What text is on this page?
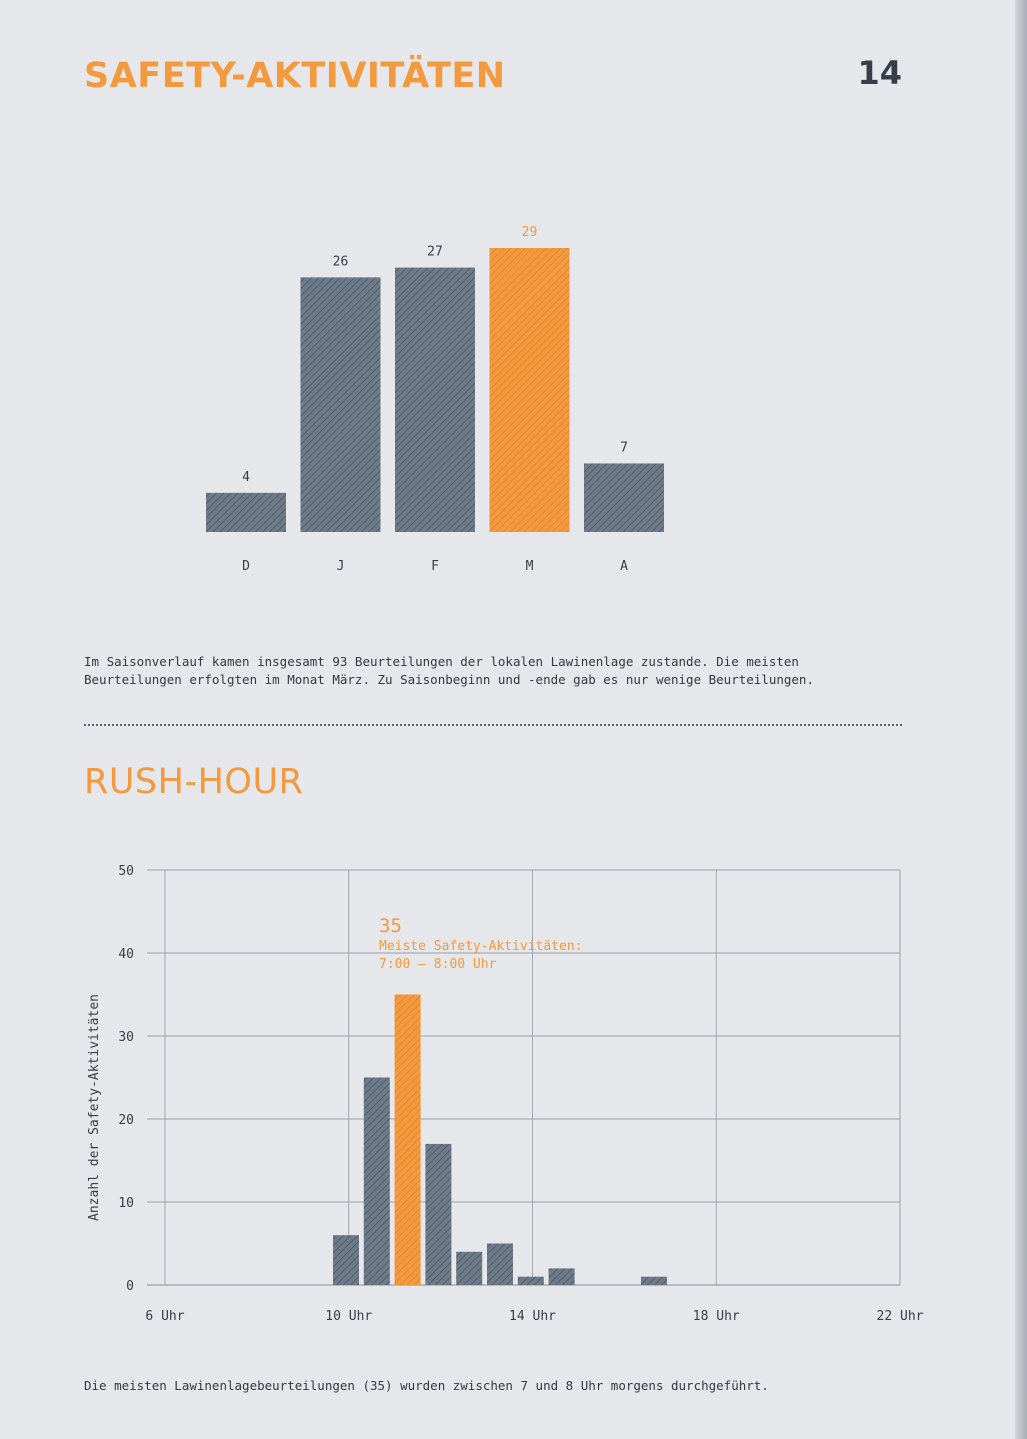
SAFETY-AKTIVITÄTEN	14
4
D
26
J
27
F
29
M
7
A
Im Saisonverlauf kamen insgesamt 93 Beurteilungen der lokalen Lawinenlage zustande. Die meisten
Beurteilungen erfolgten im Monat März. Zu Saisonbeginn und -ende gab es nur wenige Beurteilungen.
RUSH-HOUR
0
10
20
30
40
50
6 Uhr	10 Uhr	14 Uhr	18 Uhr	22 Uhr
Anzahl der Safety-Aktivitäten
35
Meiste Safety-Aktivitäten:
7:00 – 8:00 Uhr
Die meisten Lawinenlagebeurteilungen (35) wurden zwischen 7 und 8 Uhr morgens durchgeführt.
